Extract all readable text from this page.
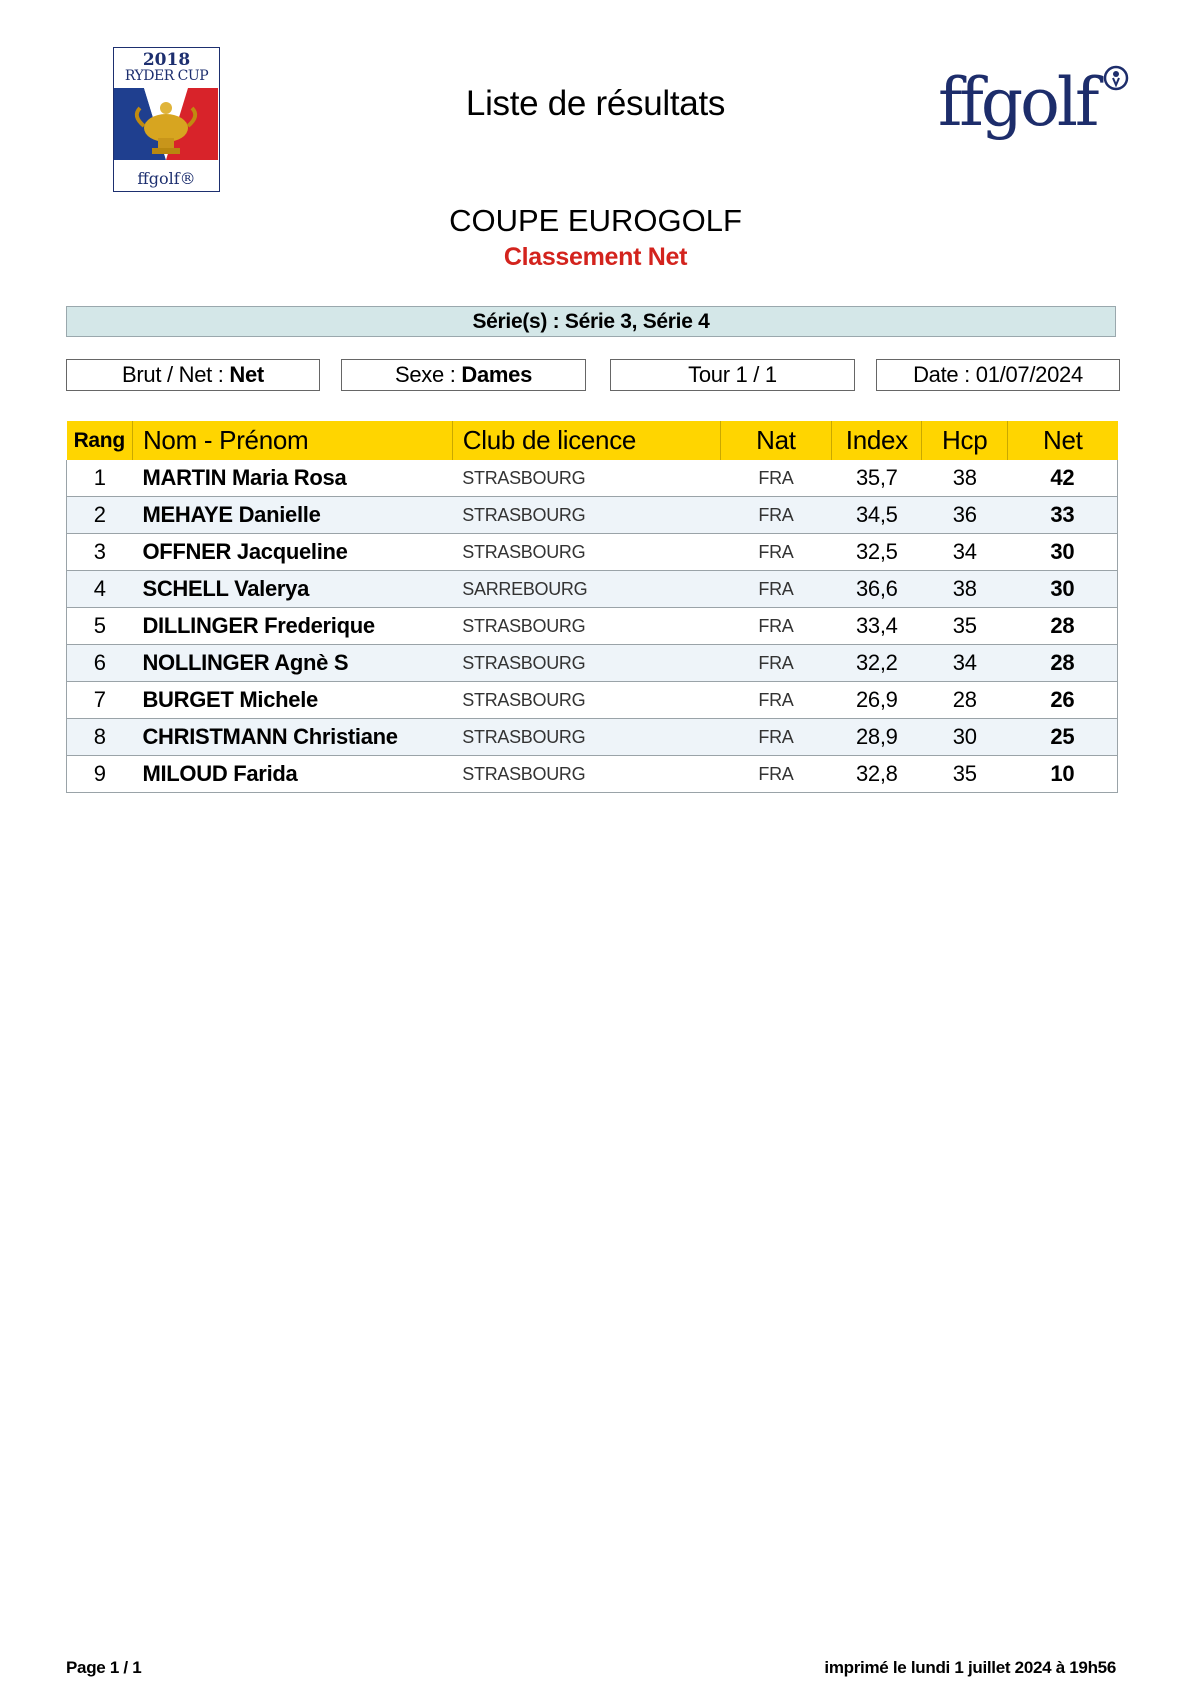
2018
RYDER CUP
ffgolf®
Liste de résultats	ffgolf
COUPE EUROGOLF
Classement Net
Série(s) : Série 3, Série 4
Brut / Net : Net	Sexe : Dames	Tour 1 / 1	Date : 01/07/2024
Rang	Nom - Prénom	Club de licence	Nat	Index	Hcp	Net
1	MARTIN Maria Rosa	STRASBOURG	FRA	35,7	38	42
2	MEHAYE Danielle	STRASBOURG	FRA	34,5	36	33
3	OFFNER Jacqueline	STRASBOURG	FRA	32,5	34	30
4	SCHELL Valerya	SARREBOURG	FRA	36,6	38	30
5	DILLINGER Frederique	STRASBOURG	FRA	33,4	35	28
6	NOLLINGER Agnè S	STRASBOURG	FRA	32,2	34	28
7	BURGET Michele	STRASBOURG	FRA	26,9	28	26
8	CHRISTMANN Christiane	STRASBOURG	FRA	28,9	30	25
9	MILOUD Farida	STRASBOURG	FRA	32,8	35	10
Page 1 / 1	imprimé le lundi 1 juillet 2024 à 19h56
